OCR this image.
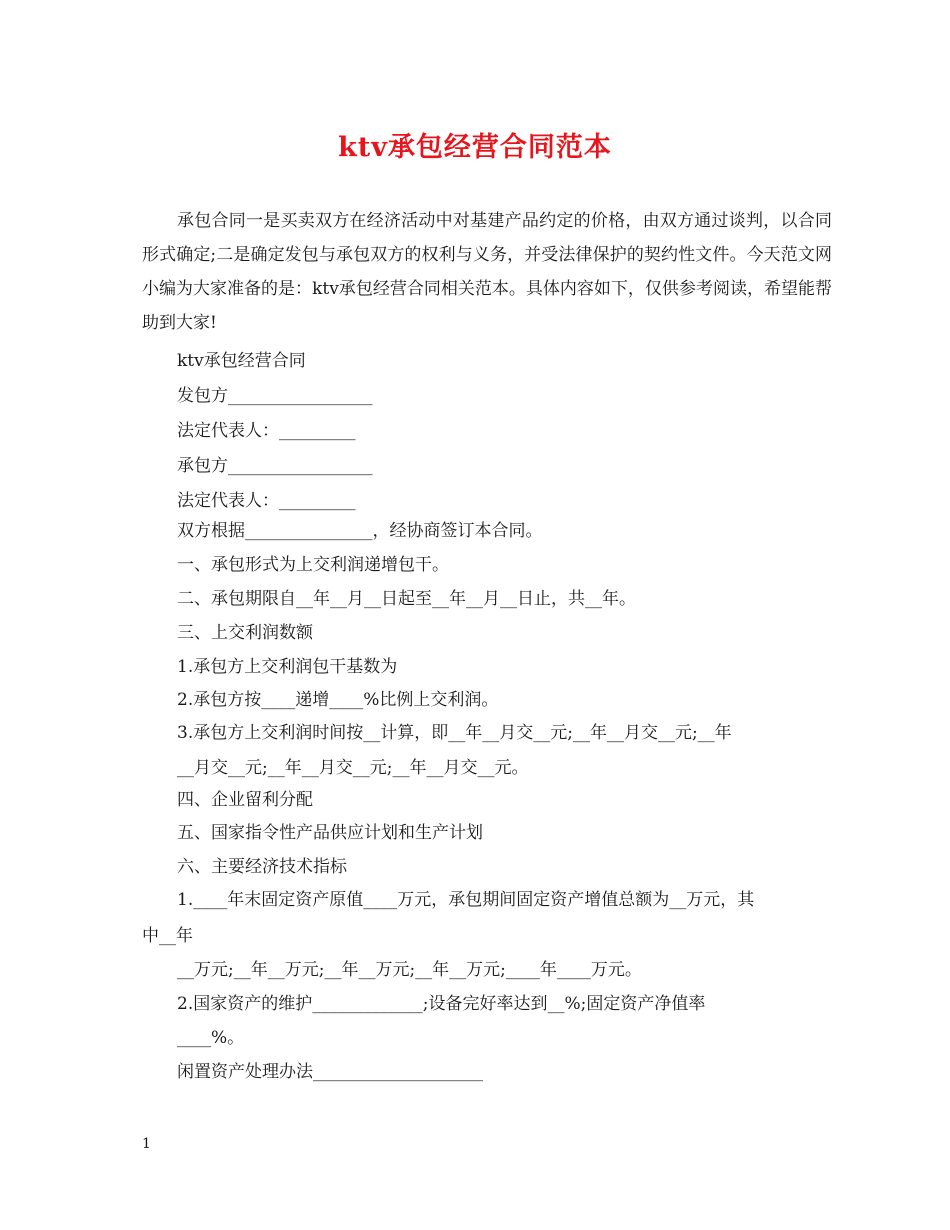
ktv承包经营合同范本
承包合同一是买卖双方在经济活动中对基建产品约定的价格，由双方通过谈判，以合同形式确定;二是确定发包与承包双方的权利与义务，并受法律保护的契约性文件。今天范文网小编为大家准备的是：ktv承包经营合同相关范本。具体内容如下，仅供参考阅读，希望能帮助到大家!
ktv承包经营合同
发包方_________________
法定代表人：_________
承包方_________________
法定代表人：_________
双方根据_______________，经协商签订本合同。
一、承包形式为上交利润递增包干。
二、承包期限自__年__月__日起至__年__月__日止，共__年。
三、上交利润数额
1.承包方上交利润包干基数为
2.承包方按____递增____%比例上交利润。
3.承包方上交利润时间按__计算，即__年__月交__元;__年__月交__元;__年
__月交__元;__年__月交__元;__年__月交__元。
四、企业留利分配
五、国家指令性产品供应计划和生产计划
六、主要经济技术指标
1.____年末固定资产原值____万元，承包期间固定资产增值总额为__万元，其
中__年
__万元;__年__万元;__年__万元;__年__万元;____年____万元。
2.国家资产的维护_____________;设备完好率达到__%;固定资产净值率
____%。
闲置资产处理办法____________________
1
